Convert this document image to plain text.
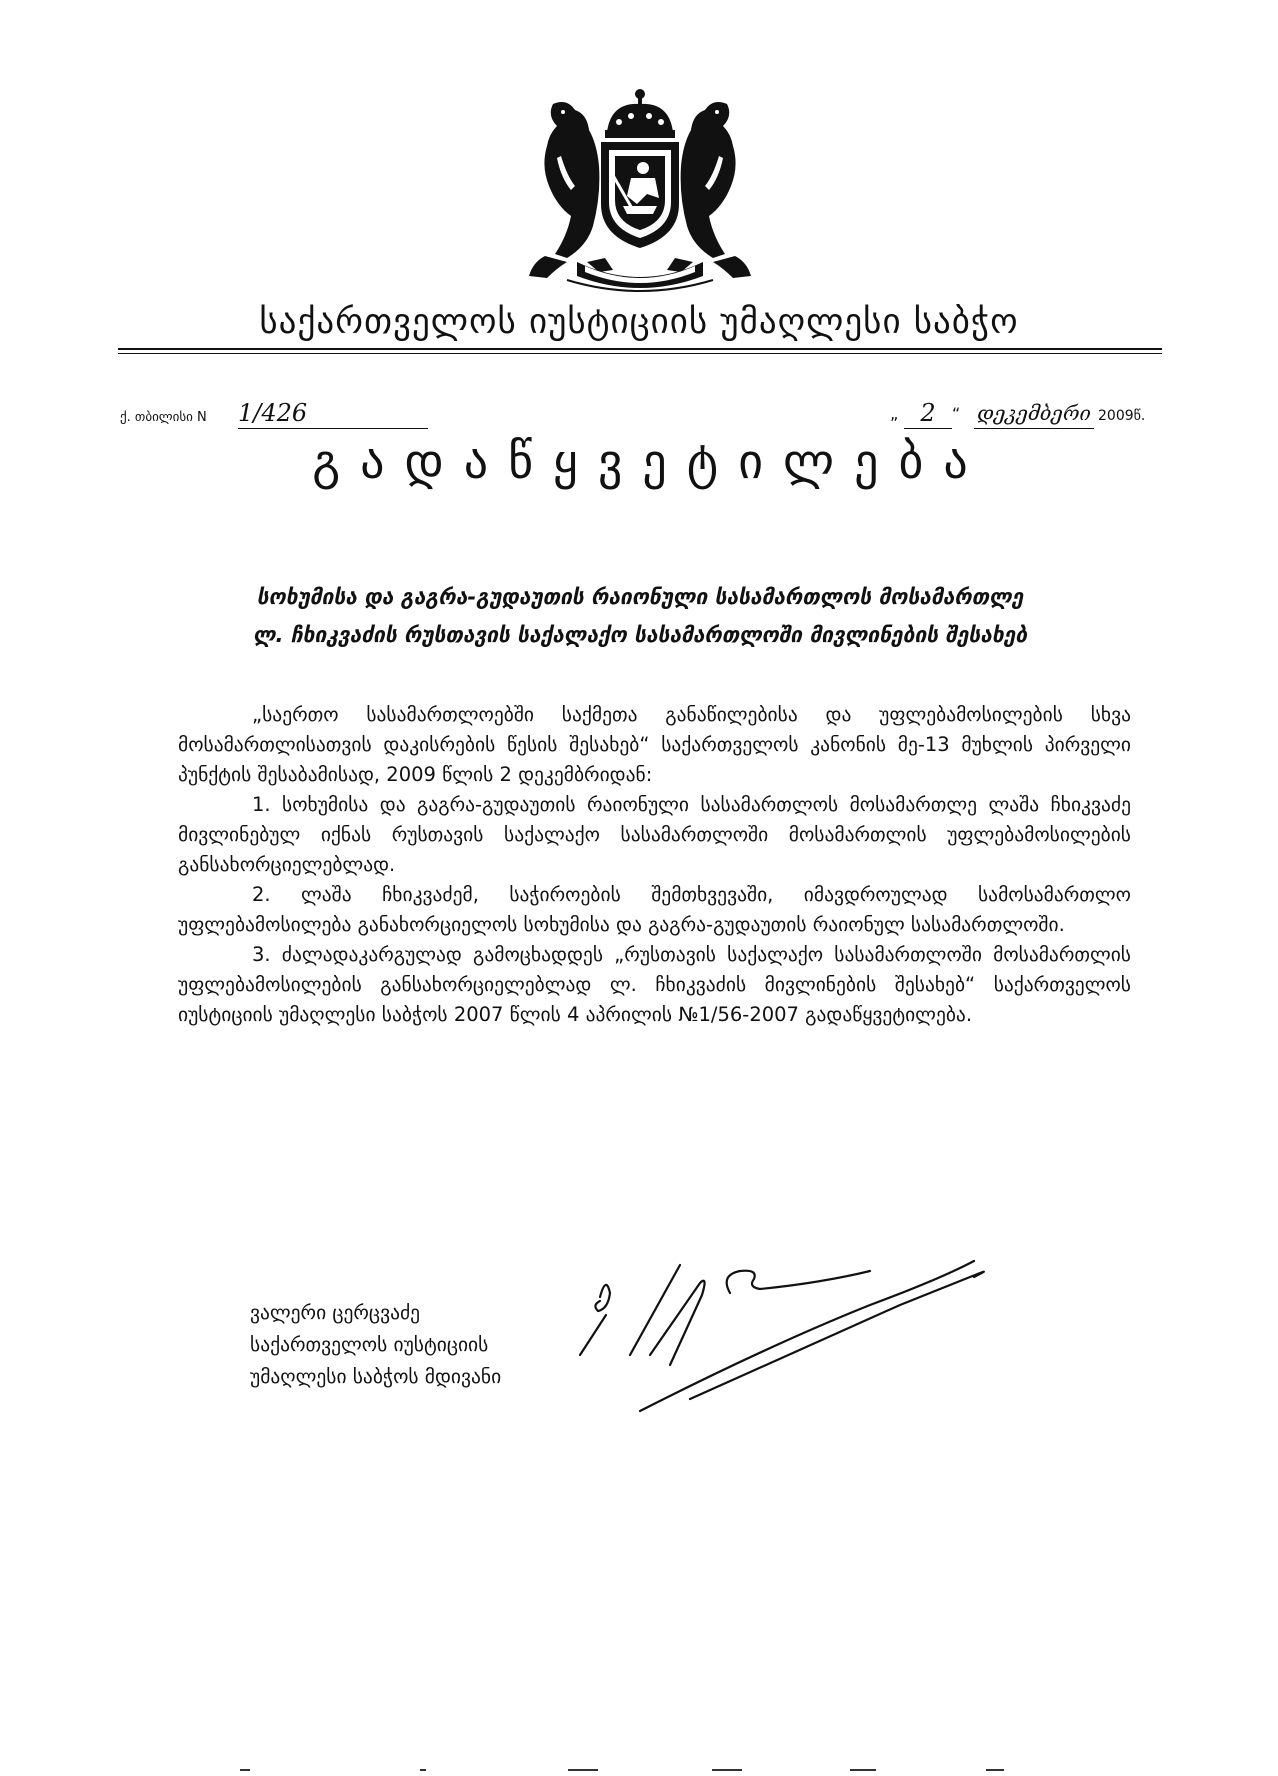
საქართველოს იუსტიციის უმაღლესი საბჭო
ქ. თბილისი N 1/426	„ 2	“ დეკემბერი 2009წ.
გადაწყვეტილება
სოხუმისა და გაგრა-გუდაუთის რაიონული სასამართლოს მოსამართლე
ლ. ჩხიკვაძის რუსთავის საქალაქო სასამართლოში მივლინების შესახებ

„საერთო სასამართლოებში საქმეთა განაწილებისა და უფლებამოსილების სხვა მოსამართლისათვის დაკისრების წესის შესახებ“ საქართველოს კანონის მე-13 მუხლის პირველი პუნქტის შესაბამისად, 2009 წლის 2 დეკემბრიდან:

1. სოხუმისა და გაგრა-გუდაუთის რაიონული სასამართლოს მოსამართლე ლაშა ჩხიკვაძე მივლინებულ იქნას რუსთავის საქალაქო სასამართლოში მოსამართლის უფლებამოსილების განსახორციელებლად.

2. ლაშა ჩხიკვაძემ, საჭიროების შემთხვევაში, იმავდროულად სამოსამართლო უფლებამოსილება განახორციელოს სოხუმისა და გაგრა-გუდაუთის რაიონულ სასამართლოში.

3. ძალადაკარგულად გამოცხადდეს „რუსთავის საქალაქო სასამართლოში მოსამართლის უფლებამოსილების განსახორციელებლად ლ. ჩხიკვაძის მივლინების შესახებ“ საქართველოს იუსტიციის უმაღლესი საბჭოს 2007 წლის 4 აპრილის №1/56-2007 გადაწყვეტილება.

ვალერი ცერცვაძე
საქართველოს იუსტიციის
უმაღლესი საბჭოს მდივანი
